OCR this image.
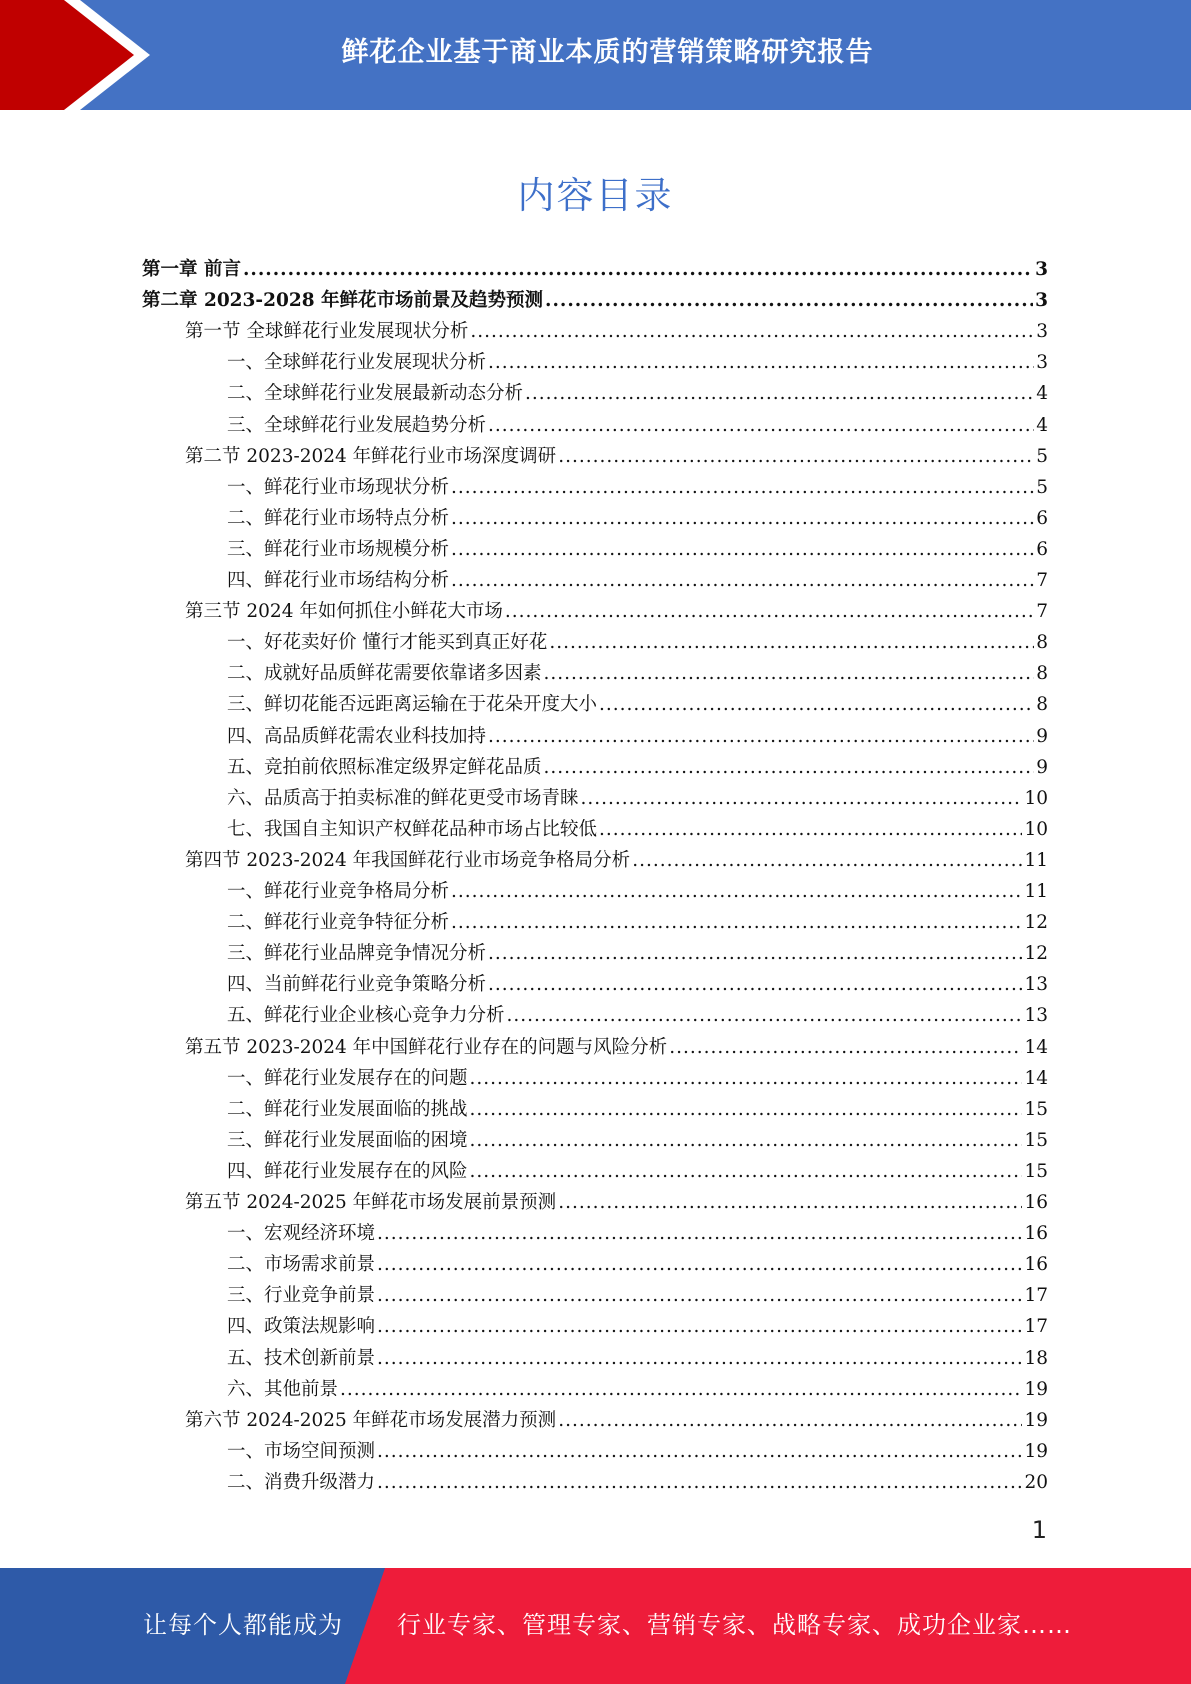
鲜花企业基于商业本质的营销策略研究报告
内容目录
第一章 前言 .....	3
第二章 2023-2028 年鲜花市场前景及趋势预测 .....	3
第一节 全球鲜花行业发展现状分析 .....	3
一、全球鲜花行业发展现状分析 .....	3
二、全球鲜花行业发展最新动态分析 .....	4
三、全球鲜花行业发展趋势分析 .....	4
第二节 2023-2024 年鲜花行业市场深度调研 .....	5
一、鲜花行业市场现状分析 .....	5
二、鲜花行业市场特点分析 .....	6
三、鲜花行业市场规模分析 .....	6
四、鲜花行业市场结构分析 .....	7
第三节 2024 年如何抓住小鲜花大市场 .....	7
一、好花卖好价 懂行才能买到真正好花 .....	8
二、成就好品质鲜花需要依靠诸多因素 .....	8
三、鲜切花能否远距离运输在于花朵开度大小 .....	8
四、高品质鲜花需农业科技加持 .....	9
五、竞拍前依照标准定级界定鲜花品质 .....	9
六、品质高于拍卖标准的鲜花更受市场青睐 .....	10
七、我国自主知识产权鲜花品种市场占比较低 .....	10
第四节 2023-2024 年我国鲜花行业市场竞争格局分析 .....	11
一、鲜花行业竞争格局分析 .....	11
二、鲜花行业竞争特征分析 .....	12
三、鲜花行业品牌竞争情况分析 .....	12
四、当前鲜花行业竞争策略分析 .....	13
五、鲜花行业企业核心竞争力分析 .....	13
第五节 2023-2024 年中国鲜花行业存在的问题与风险分析 .....	14
一、鲜花行业发展存在的问题 .....	14
二、鲜花行业发展面临的挑战 .....	15
三、鲜花行业发展面临的困境 .....	15
四、鲜花行业发展存在的风险 .....	15
第五节 2024-2025 年鲜花市场发展前景预测 .....	16
一、宏观经济环境 .....	16
二、市场需求前景 .....	16
三、行业竞争前景 .....	17
四、政策法规影响 .....	17
五、技术创新前景 .....	18
六、其他前景 .....	19
第六节 2024-2025 年鲜花市场发展潜力预测 .....	19
一、市场空间预测 .....	19
二、消费升级潜力 .....	20
1
让每个人都能成为 行业专家、管理专家、营销专家、战略专家、成功企业家……
